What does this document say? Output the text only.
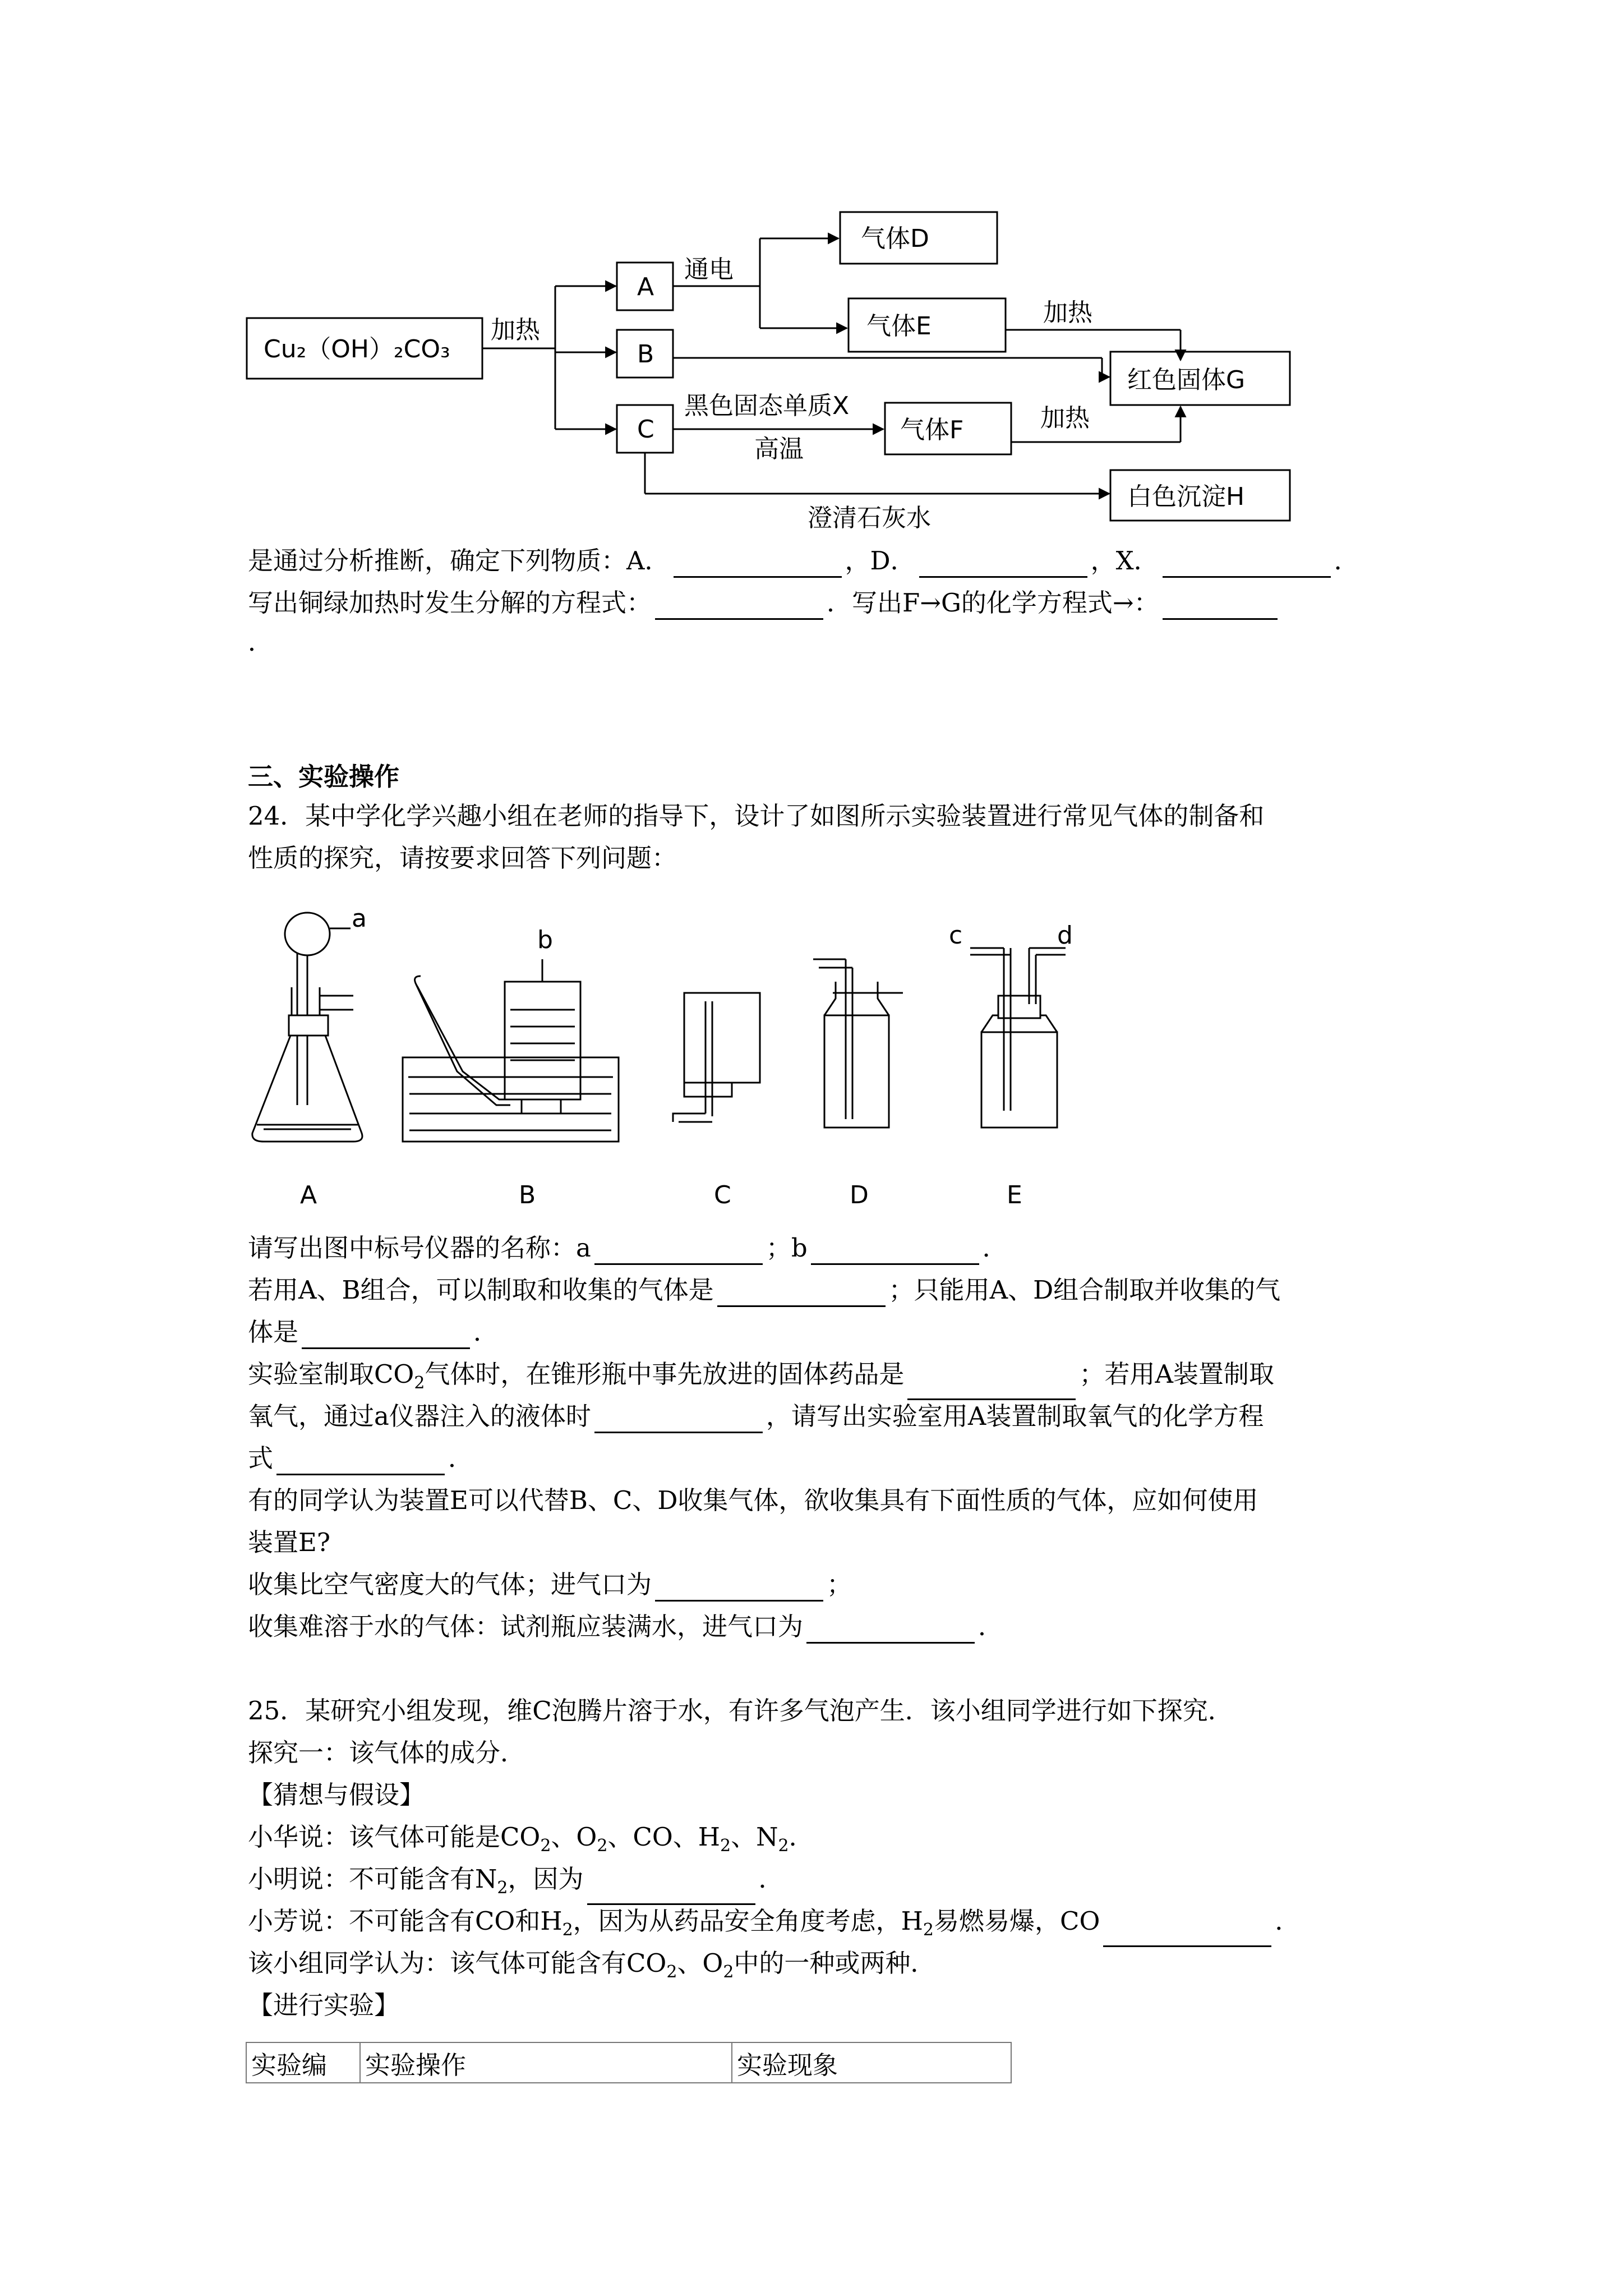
Cu₂（OH）₂CO₃
加热
A
B
C
通电
气体D
气体E	加热
红色固体G
黑色固态单质X
高温
气体F	加热
澄清石灰水
白色沉淀H
是通过分析推断，确定下列物质：A．	，D．	，X．	．
写出铜绿加热时发生分解的方程式：	．写出F→G的化学方程式→：
．
三、实验操作
24．某中学化学兴趣小组在老师的指导下，设计了如图所示实验装置进行常见气体的制备和
性质的探究，请按要求回答下列问题：
a
b	c	d
A	B	C	D	E
请写出图中标号仪器的名称：a	；b	．
若用A、B组合，可以制取和收集的气体是	；只能用A、D组合制取并收集的气
体是	．
实验室制取$CO_2$气体时，在锥形瓶中事先放进的固体药品是	；若用A装置制取
氧气，通过a仪器注入的液体时	，请写出实验室用A装置制取氧气的化学方程
式	．
有的同学认为装置E可以代替B、C、D收集气体，欲收集具有下面性质的气体，应如何使用
装置E?
收集比空气密度大的气体；进气口为	；
收集难溶于水的气体：试剂瓶应装满水，进气口为	．
25．某研究小组发现，维C泡腾片溶于水，有许多气泡产生．该小组同学进行如下探究．
探究一：该气体的成分．
【猜想与假设】
小华说：该气体可能是$CO_2$、$O_2$、CO、$H_2$、$N_2$．
小明说：不可能含有$N_2$，因为	．
小芳说：不可能含有CO和$H_2$，因为从药品安全角度考虑，$H_2$易燃易爆，CO	．
该小组同学认为：该气体可能含有$CO_2$、$O_2$中的一种或两种．
【进行实验】
实验编	实验操作	实验现象
